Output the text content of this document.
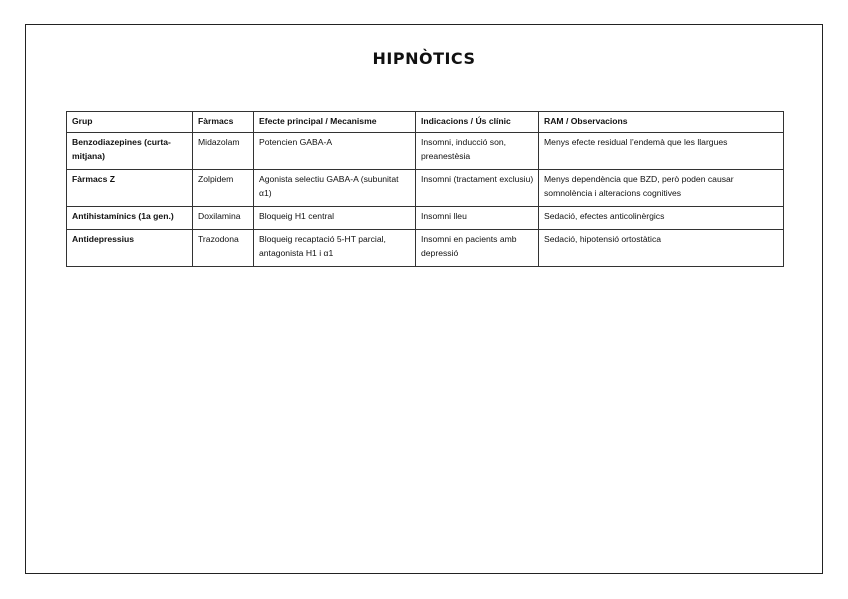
HIPNÒTICS
Grup	Fàrmacs	Efecte principal / Mecanisme	Indicacions / Ús clínic	RAM / Observacions
Benzodiazepines (curta-mitjana)	Midazolam	Potencien GABA-A	Insomni, inducció son, preanestèsia	Menys efecte residual l’endemà que les llargues
Fàrmacs Z	Zolpidem	Agonista selectiu GABA-A (subunitat α1)	Insomni (tractament exclusiu)	Menys dependència que BZD, però poden causar somnolència i alteracions cognitives
Antihistamínics (1a gen.)	Doxilamina	Bloqueig H1 central	Insomni lleu	Sedació, efectes anticolinèrgics
Antidepressius	Trazodona	Bloqueig recaptació 5-HT parcial, antagonista H1 i α1	Insomni en pacients amb depressió	Sedació, hipotensió ortostàtica
